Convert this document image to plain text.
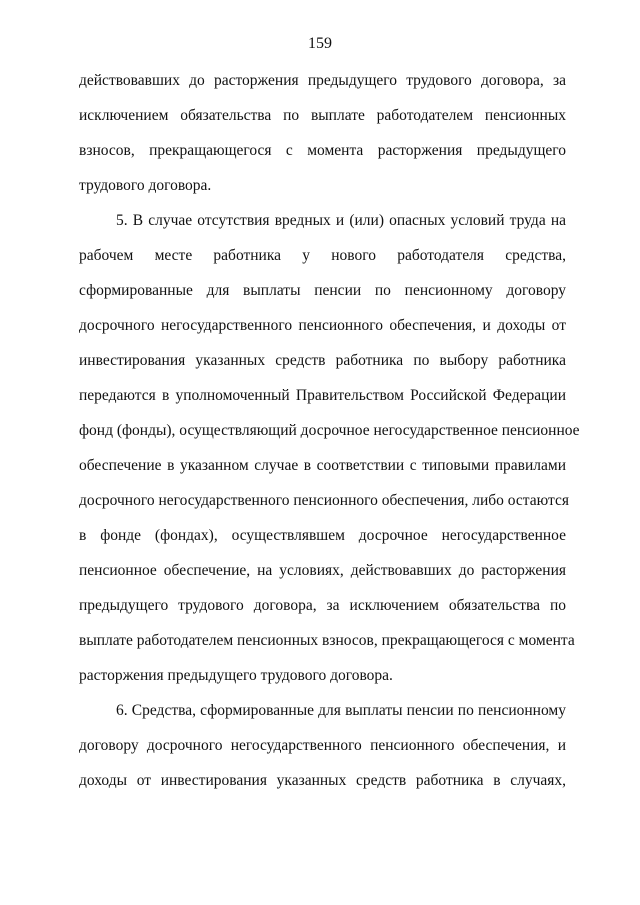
159
действовавших до расторжения предыдущего трудового договора, за
исключением обязательства по выплате работодателем пенсионных
взносов, прекращающегося с момента расторжения предыдущего
трудового договора.
5. В случае отсутствия вредных и (или) опасных условий труда на
рабочем месте работника у нового работодателя средства,
сформированные для выплаты пенсии по пенсионному договору
досрочного негосударственного пенсионного обеспечения, и доходы от
инвестирования указанных средств работника по выбору работника
передаются в уполномоченный Правительством Российской Федерации
фонд (фонды), осуществляющий досрочное негосударственное пенсионное
обеспечение в указанном случае в соответствии с типовыми правилами
досрочного негосударственного пенсионного обеспечения, либо остаются
в фонде (фондах), осуществлявшем досрочное негосударственное
пенсионное обеспечение, на условиях, действовавших до расторжения
предыдущего трудового договора, за исключением обязательства по
выплате работодателем пенсионных взносов, прекращающегося с момента
расторжения предыдущего трудового договора.
6. Средства, сформированные для выплаты пенсии по пенсионному
договору досрочного негосударственного пенсионного обеспечения, и
доходы от инвестирования указанных средств работника в случаях,
